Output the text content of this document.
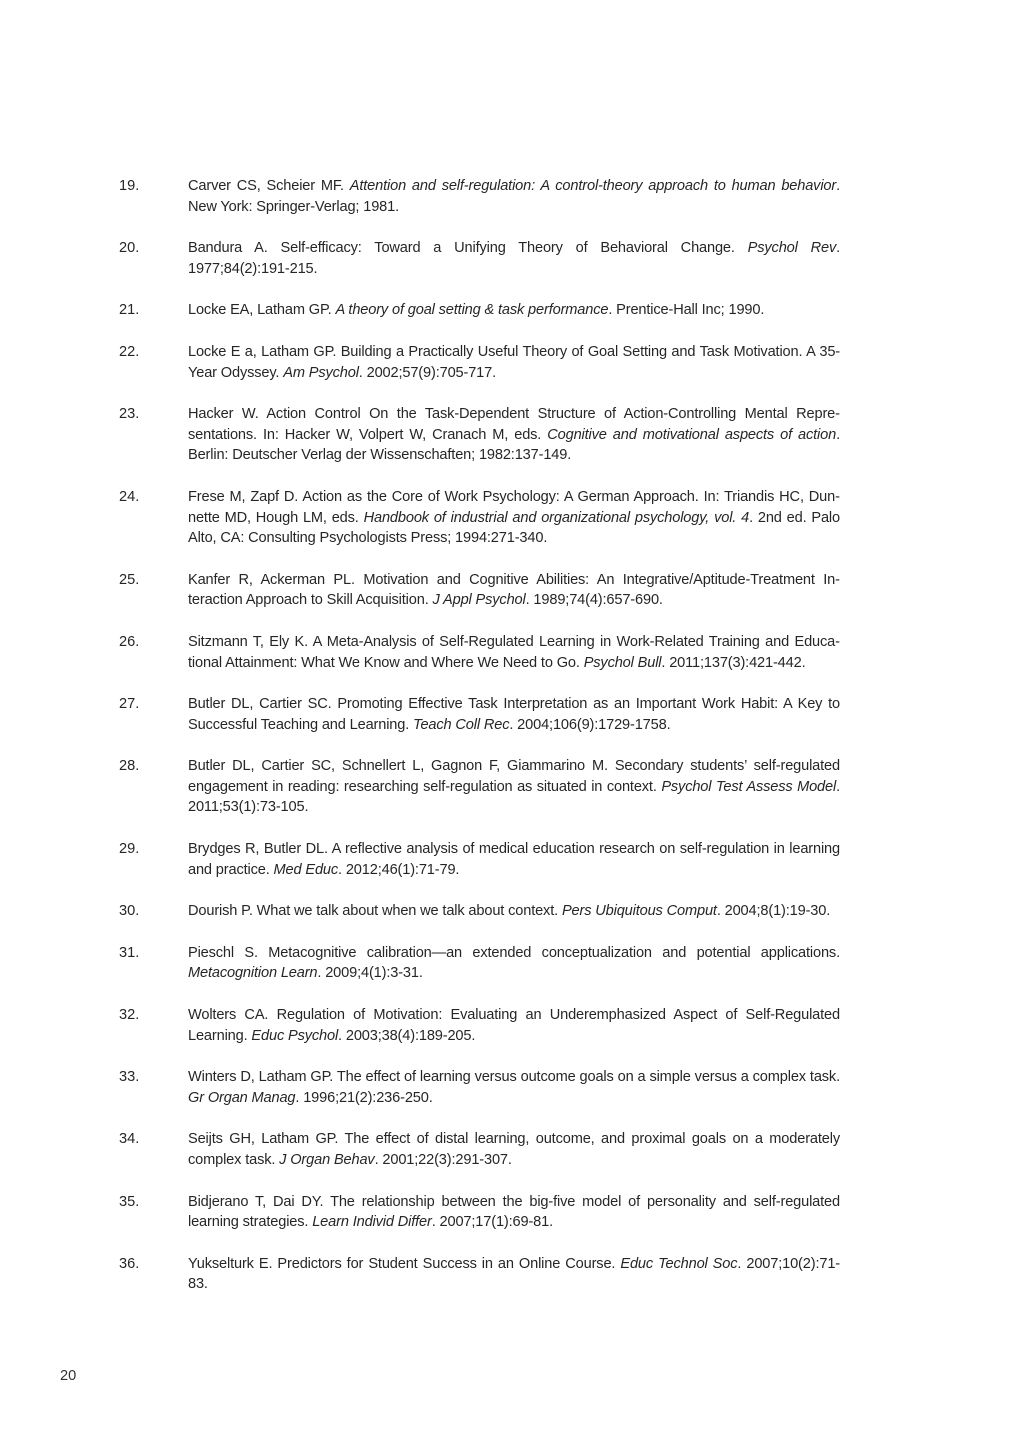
19.	Carver CS, Scheier MF. Attention and self-regulation: A control-theory approach to human behavior. New York: Springer-Verlag; 1981.
20.	Bandura A. Self-efficacy: Toward a Unifying Theory of Behavioral Change. Psychol Rev. 1977;84(2):191-215.
21.	Locke EA, Latham GP. A theory of goal setting & task performance. Prentice-Hall Inc; 1990.
22.	Locke E a, Latham GP. Building a Practically Useful Theory of Goal Setting and Task Motivation. A 35-Year Odyssey. Am Psychol. 2002;57(9):705-717.
23.	Hacker W. Action Control On the Task-Dependent Structure of Action-Controlling Mental Representations. In: Hacker W, Volpert W, Cranach M, eds. Cognitive and motivational aspects of action. Berlin: Deutscher Verlag der Wissenschaften; 1982:137-149.
24.	Frese M, Zapf D. Action as the Core of Work Psychology: A German Approach. In: Triandis HC, Dunnette MD, Hough LM, eds. Handbook of industrial and organizational psychology, vol. 4. 2nd ed. Palo Alto, CA: Consulting Psychologists Press; 1994:271-340.
25.	Kanfer R, Ackerman PL. Motivation and Cognitive Abilities: An Integrative/Aptitude-Treatment Interaction Approach to Skill Acquisition. J Appl Psychol. 1989;74(4):657-690.
26.	Sitzmann T, Ely K. A Meta-Analysis of Self-Regulated Learning in Work-Related Training and Educational Attainment: What We Know and Where We Need to Go. Psychol Bull. 2011;137(3):421-442.
27.	Butler DL, Cartier SC. Promoting Effective Task Interpretation as an Important Work Habit: A Key to Successful Teaching and Learning. Teach Coll Rec. 2004;106(9):1729-1758.
28.	Butler DL, Cartier SC, Schnellert L, Gagnon F, Giammarino M. Secondary students’ self-regulated engagement in reading: researching self-regulation as situated in context. Psychol Test Assess Model. 2011;53(1):73-105.
29.	Brydges R, Butler DL. A reflective analysis of medical education research on self-regulation in learning and practice. Med Educ. 2012;46(1):71-79.
30.	Dourish P. What we talk about when we talk about context. Pers Ubiquitous Comput. 2004;8(1):19-30.
31.	Pieschl S. Metacognitive calibration—an extended conceptualization and potential applications. Metacognition Learn. 2009;4(1):3-31.
32.	Wolters CA. Regulation of Motivation: Evaluating an Underemphasized Aspect of Self-Regulated Learning. Educ Psychol. 2003;38(4):189-205.
33.	Winters D, Latham GP. The effect of learning versus outcome goals on a simple versus a complex task. Gr Organ Manag. 1996;21(2):236-250.
34.	Seijts GH, Latham GP. The effect of distal learning, outcome, and proximal goals on a moderately complex task. J Organ Behav. 2001;22(3):291-307.
35.	Bidjerano T, Dai DY. The relationship between the big-five model of personality and self-regulated learning strategies. Learn Individ Differ. 2007;17(1):69-81.
36.	Yukselturk E. Predictors for Student Success in an Online Course. Educ Technol Soc. 2007;10(2):71-83.
20
